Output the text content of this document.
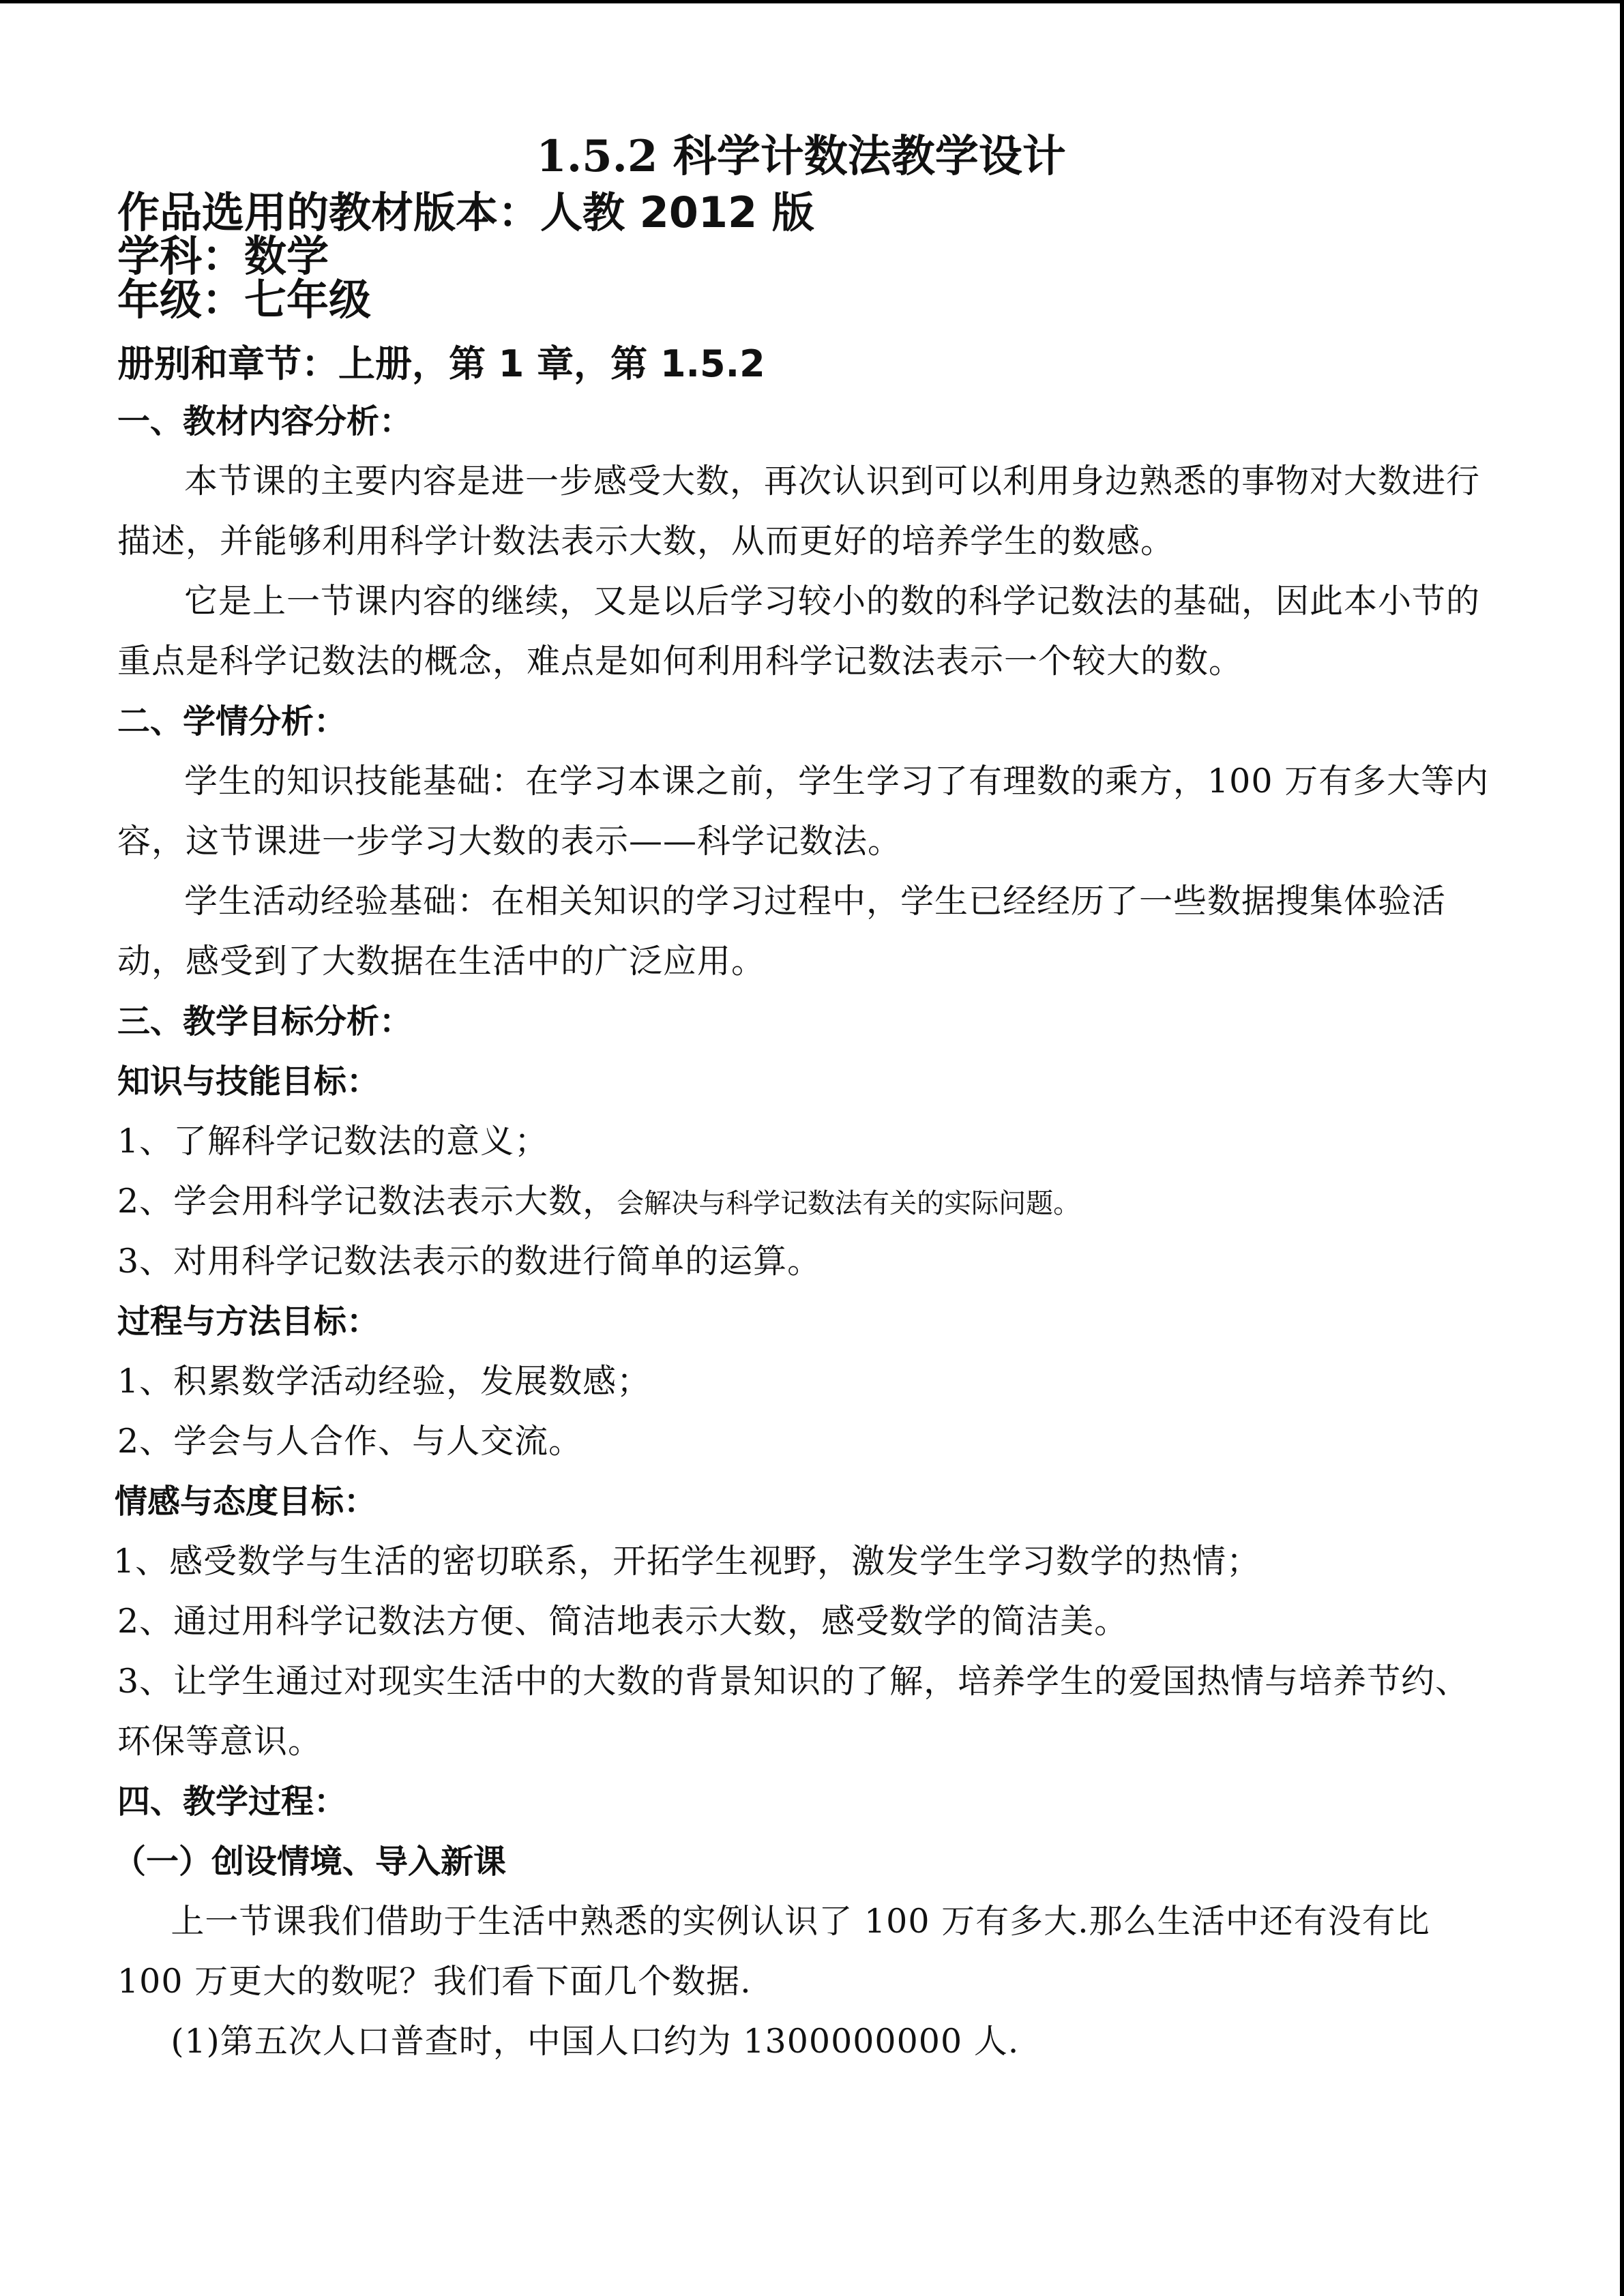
1.5.2 科学计数法教学设计
作品选用的教材版本：人教 2012 版
学科：数学
年级：七年级
册别和章节：上册，第 1 章，第 1.5.2
一、教材内容分析：

本节课的主要内容是进一步感受大数，再次认识到可以利用身边熟悉的事物对大数进行描述，并能够利用科学计数法表示大数，从而更好的培养学生的数感。

它是上一节课内容的继续，又是以后学习较小的数的科学记数法的基础，因此本小节的重点是科学记数法的概念，难点是如何利用科学记数法表示一个较大的数。

二、学情分析：

学生的知识技能基础：在学习本课之前，学生学习了有理数的乘方，100 万有多大等内容，这节课进一步学习大数的表示——科学记数法。

学生活动经验基础：在相关知识的学习过程中，学生已经经历了一些数据搜集体验活动，感受到了大数据在生活中的广泛应用。

三、教学目标分析：
知识与技能目标：
1、了解科学记数法的意义；
2、学会用科学记数法表示大数，会解决与科学记数法有关的实际问题。
3、对用科学记数法表示的数进行简单的运算。
过程与方法目标：
1、积累数学活动经验，发展数感；
2、学会与人合作、与人交流。
情感与态度目标：
1、感受数学与生活的密切联系，开拓学生视野，激发学生学习数学的热情；
2、通过用科学记数法方便、简洁地表示大数，感受数学的简洁美。
3、让学生通过对现实生活中的大数的背景知识的了解，培养学生的爱国热情与培养节约、环保等意识。
四、教学过程：
（一）创设情境、导入新课

上一节课我们借助于生活中熟悉的实例认识了 100 万有多大.那么生活中还有没有比 100 万更大的数呢？我们看下面几个数据.

(1)第五次人口普查时，中国人口约为 1300000000 人.
